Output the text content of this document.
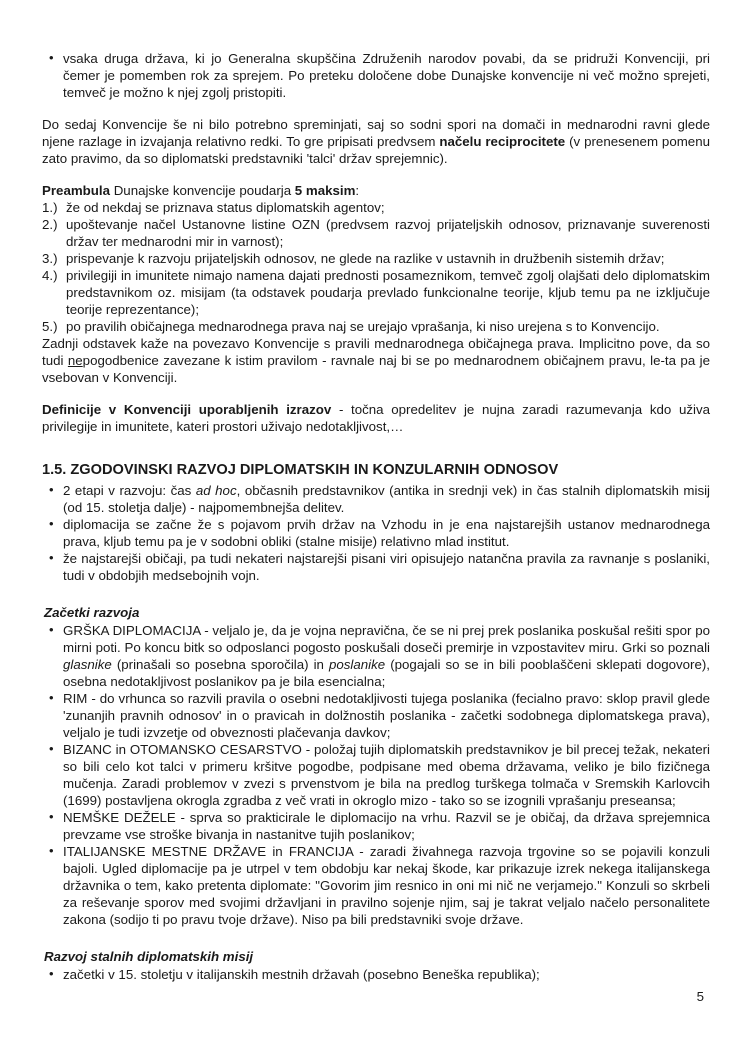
• vsaka druga država, ki jo Generalna skupščina Združenih narodov povabi, da se pridruži Konvenciji, pri čemer je pomemben rok za sprejem. Po preteku določene dobe Dunajske konvencije ni več možno sprejeti, temveč je možno k njej zgolj pristopiti.
Do sedaj Konvencije še ni bilo potrebno spreminjati, saj so sodni spori na domači in mednarodni ravni glede njene razlage in izvajanja relativno redki. To gre pripisati predvsem načelu reciprocitete (v prenesenem pomenu zato pravimo, da so diplomatski predstavniki 'talci' držav sprejemnic).
Preambula Dunajske konvencije poudarja 5 maksim:
1.) že od nekdaj se priznava status diplomatskih agentov;
2.) upoštevanje načel Ustanovne listine OZN (predvsem razvoj prijateljskih odnosov, priznavanje suverenosti držav ter mednarodni mir in varnost);
3.) prispevanje k razvoju prijateljskih odnosov, ne glede na razlike v ustavnih in družbenih sistemih držav;
4.) privilegiji in imunitete nimajo namena dajati prednosti posameznikom, temveč zgolj olajšati delo diplomatskim predstavnikom oz. misijam (ta odstavek poudarja prevlado funkcionalne teorije, kljub temu pa ne izključuje teorije reprezentance);
5.) po pravilih običajnega mednarodnega prava naj se urejajo vprašanja, ki niso urejena s to Konvencijo.
Zadnji odstavek kaže na povezavo Konvencije s pravili mednarodnega običajnega prava. Implicitno pove, da so tudi nepogodbenice zavezane k istim pravilom - ravnale naj bi se po mednarodnem običajnem pravu, le-ta pa je vsebovan v Konvenciji.
Definicije v Konvenciji uporabljenih izrazov - točna opredelitev je nujna zaradi razumevanja kdo uživa privilegije in imunitete, kateri prostori uživajo nedotakljivost,…
1.5. ZGODOVINSKI RAZVOJ DIPLOMATSKIH IN KONZULARNIH ODNOSOV
• 2 etapi v razvoju: čas ad hoc, občasnih predstavnikov (antika in srednji vek) in čas stalnih diplomatskih misij (od 15. stoletja dalje) - najpomembnejša delitev.
• diplomacija se začne že s pojavom prvih držav na Vzhodu in je ena najstarejših ustanov mednarodnega prava, kljub temu pa je v sodobni obliki (stalne misije) relativno mlad institut.
• že najstarejši običaji, pa tudi nekateri najstarejši pisani viri opisujejo natančna pravila za ravnanje s poslaniki, tudi v obdobjih medsebojnih vojn.
Začetki razvoja
• GRŠKA DIPLOMACIJA - veljalo je, da je vojna nepravična, če se ni prej prek poslanika poskušal rešiti spor po mirni poti. Po koncu bitk so odposlanci pogosto poskušali doseči premirje in vzpostavitev miru. Grki so poznali glasnike (prinašali so posebna sporočila) in poslanike (pogajali so se in bili pooblaščeni sklepati dogovore), osebna nedotakljivost poslanikov pa je bila esencialna;
• RIM - do vrhunca so razvili pravila o osebni nedotakljivosti tujega poslanika (fecialno pravo: sklop pravil glede 'zunanjih pravnih odnosov' in o pravicah in dolžnostih poslanika - začetki sodobnega diplomatskega prava), veljalo je tudi izvzetje od obveznosti plačevanja davkov;
• BIZANC in OTOMANSKO CESARSTVO - položaj tujih diplomatskih predstavnikov je bil precej težak, nekateri so bili celo kot talci v primeru kršitve pogodbe, podpisane med obema državama, veliko je bilo fizičnega mučenja. Zaradi problemov v zvezi s prvenstvom je bila na predlog turškega tolmača v Sremskih Karlovcih (1699) postavljena okrogla zgradba z več vrati in okroglo mizo - tako so se izognili vprašanju preseansa;
• NEMŠKE DEŽELE - sprva so prakticirale le diplomacijo na vrhu. Razvil se je običaj, da država sprejemnica prevzame vse stroške bivanja in nastanitve tujih poslanikov;
• ITALIJANSKE MESTNE DRŽAVE in FRANCIJA - zaradi živahnega razvoja trgovine so se pojavili konzuli bajoli. Ugled diplomacije pa je utrpel v tem obdobju kar nekaj škode, kar prikazuje izrek nekega italijanskega državnika o tem, kako pretenta diplomate: "Govorim jim resnico in oni mi nič ne verjamejo." Konzuli so skrbeli za reševanje sporov med svojimi državljani in pravilno sojenje njim, saj je takrat veljalo načelo personalitete zakona (sodijo ti po pravu tvoje države). Niso pa bili predstavniki svoje države.
Razvoj stalnih diplomatskih misij
• začetki v 15. stoletju v italijanskih mestnih državah (posebno Beneška republika);
5
